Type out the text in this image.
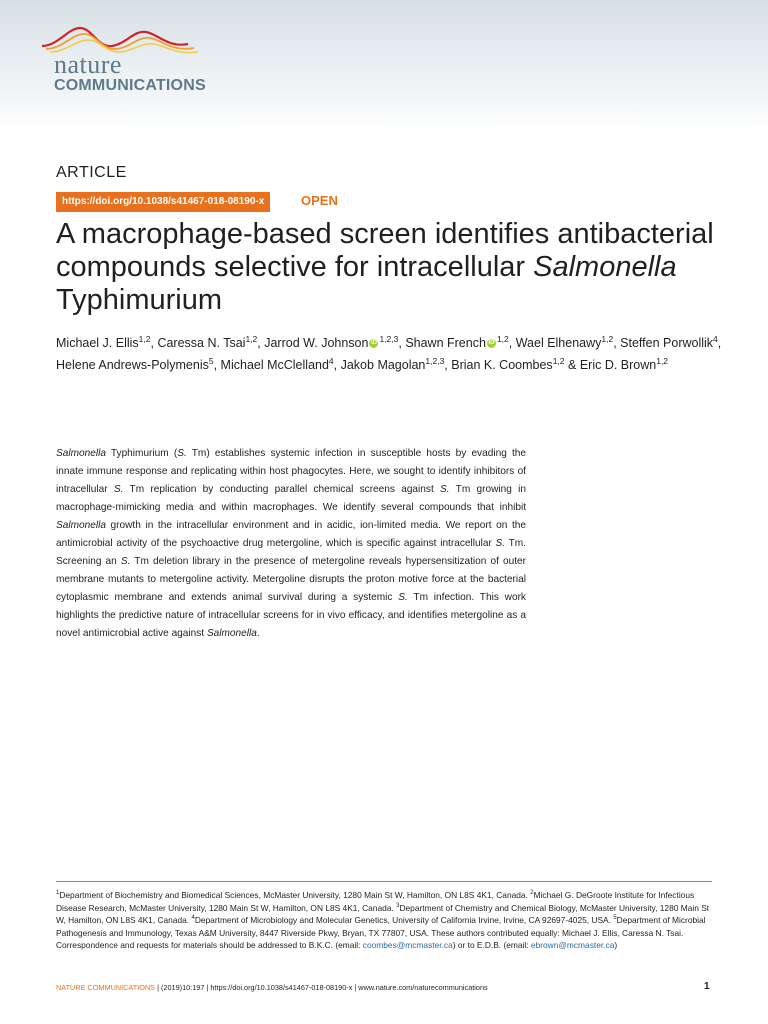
nature
COMMUNICATIONS
ARTICLE
https://doi.org/10.1038/s41467-018-08190-x	OPEN
A macrophage-based screen identifies antibacterial compounds selective for intracellular Salmonella
Typhimurium
Michael J. Ellis$^{1,2}$, Caressa N. Tsai$^{1,2}$, Jarrod W. Johnson iD $^{1,2,3}$, Shawn French iD $^{1,2}$, Wael Elhenawy$^{1,2}$, Steffen Porwollik$^4$, Helene Andrews-Polymenis$^5$, Michael McClelland$^4$, Jakob Magolan$^{1,2,3}$, Brian K. Coombes$^{1,2}$ & Eric D. Brown$^{1,2}$

Salmonella Typhimurium (S. Tm) establishes systemic infection in susceptible hosts by evading the innate immune response and replicating within host phagocytes. Here, we sought to identify inhibitors of intracellular S. Tm replication by conducting parallel chemical screens against S. Tm growing in macrophage-mimicking media and within macrophages. We identify several compounds that inhibit Salmonella growth in the intracellular environment and in acidic, ion-limited media. We report on the antimicrobial activity of the psychoactive drug metergoline, which is specific against intracellular S. Tm. Screening an S. Tm deletion library in the presence of metergoline reveals hypersensitization of outer membrane mutants to metergoline activity. Metergoline disrupts the proton motive force at the bacterial cytoplasmic membrane and extends animal survival during a systemic S. Tm infection. This work highlights the predictive nature of intracellular screens for in vivo efficacy, and identifies metergoline as a novel antimicrobial active against Salmonella.

$^1$Department of Biochemistry and Biomedical Sciences, McMaster University, 1280 Main St W, Hamilton, ON L8S 4K1, Canada. $^2$Michael G. DeGroote Institute for Infectious Disease Research, McMaster University, 1280 Main St W, Hamilton, ON L8S 4K1, Canada. $^3$Department of Chemistry and Chemical Biology, McMaster University, 1280 Main St W, Hamilton, ON L8S 4K1, Canada. $^4$Department of Microbiology and Molecular Genetics, University of California Irvine, Irvine, CA 92697-4025, USA. $^5$Department of Microbial Pathogenesis and Immunology, Texas A&M University, 8447 Riverside Pkwy, Bryan, TX 77807, USA. These authors contributed equally: Michael J. Ellis, Caressa N. Tsai. Correspondence and requests for materials should be addressed to B.K.C. (email: coombes@mcmaster.ca) or to E.D.B. (email: ebrown@mcmaster.ca)
NATURE COMMUNICATIONS | (2019)10:197 | https://doi.org/10.1038/s41467-018-08190-x | www.nature.com/naturecommunications	1
